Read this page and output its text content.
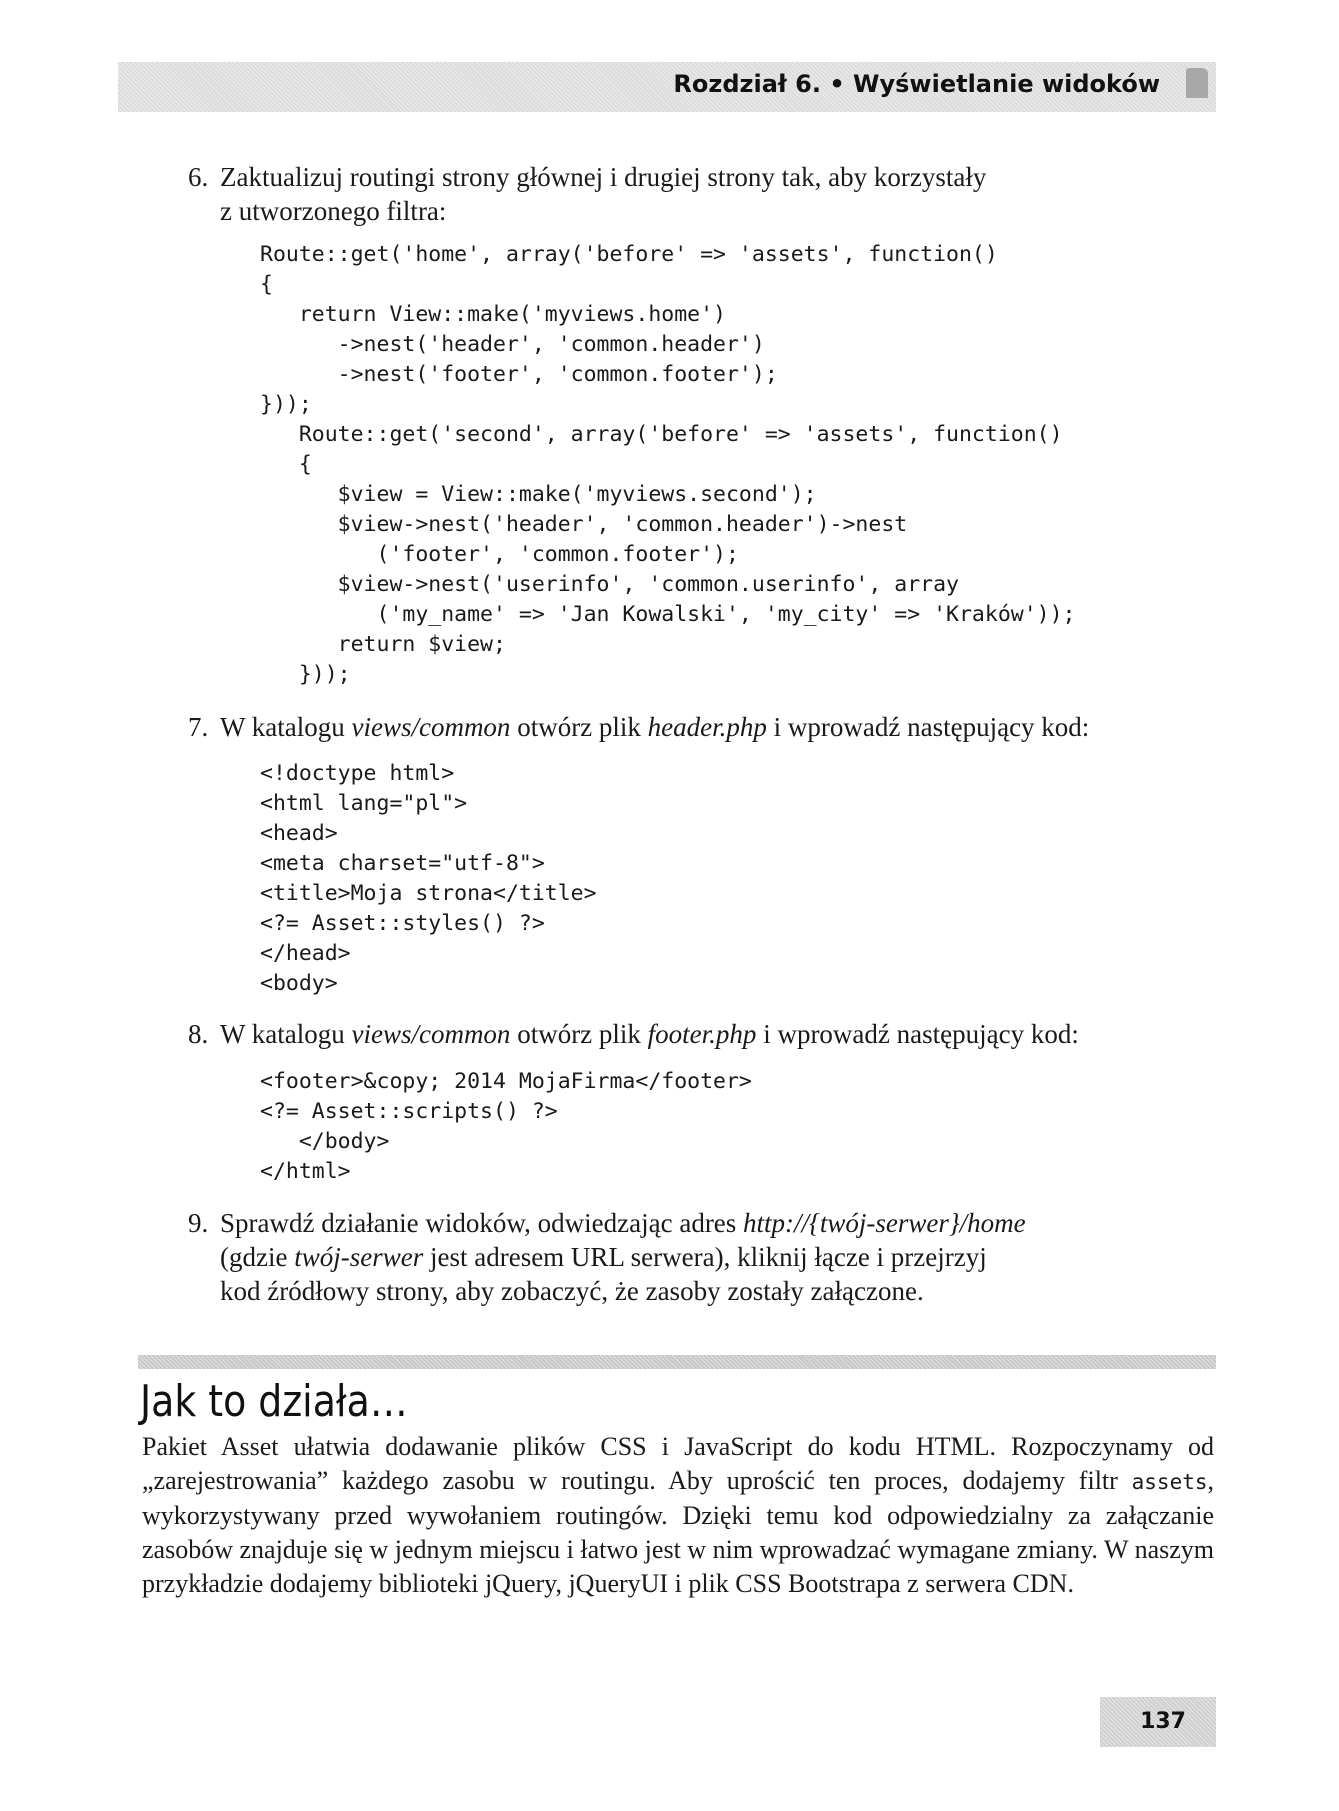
Rozdział 6. • Wyświetlanie widoków
6. Zaktualizuj routingi strony głównej i drugiej strony tak, aby korzystały
z utworzonego filtra:
Route::get('home', array('before' => 'assets', function()
{
return View::make('myviews.home')
->nest('header', 'common.header')
->nest('footer', 'common.footer');
}));
Route::get('second', array('before' => 'assets', function()
{
$view = View::make('myviews.second');
$view->nest('header', 'common.header')->nest
('footer', 'common.footer');
$view->nest('userinfo', 'common.userinfo', array
('my_name' => 'Jan Kowalski', 'my_city' => 'Kraków'));
return $view;
}));
7. W katalogu views/common otwórz plik header.php i wprowadź następujący kod:
<!doctype html>
<html lang="pl">
<head>
<meta charset="utf-8">
<title>Moja strona</title>
<?= Asset::styles() ?>
</head>
<body>
8. W katalogu views/common otwórz plik footer.php i wprowadź następujący kod:
<footer>&copy; 2014 MojaFirma</footer>
<?= Asset::scripts() ?>
</body>
</html>
9. Sprawdź działanie widoków, odwiedzając adres http://{twój-serwer}/home
(gdzie twój-serwer jest adresem URL serwera), kliknij łącze i przejrzyj
kod źródłowy strony, aby zobaczyć, że zasoby zostały załączone.
Jak to działa…

Pakiet Asset ułatwia dodawanie plików CSS i JavaScript do kodu HTML. Rozpoczynamy od „zarejestrowania” każdego zasobu w routingu. Aby uprościć ten proces, dodajemy filtr assets, wykorzystywany przed wywołaniem routingów. Dzięki temu kod odpowiedzialny za załączanie zasobów znajduje się w jednym miejscu i łatwo jest w nim wprowadzać wymagane zmiany. W naszym przykładzie dodajemy biblioteki jQuery, jQueryUI i plik CSS Bootstrapa z serwera CDN.

137
